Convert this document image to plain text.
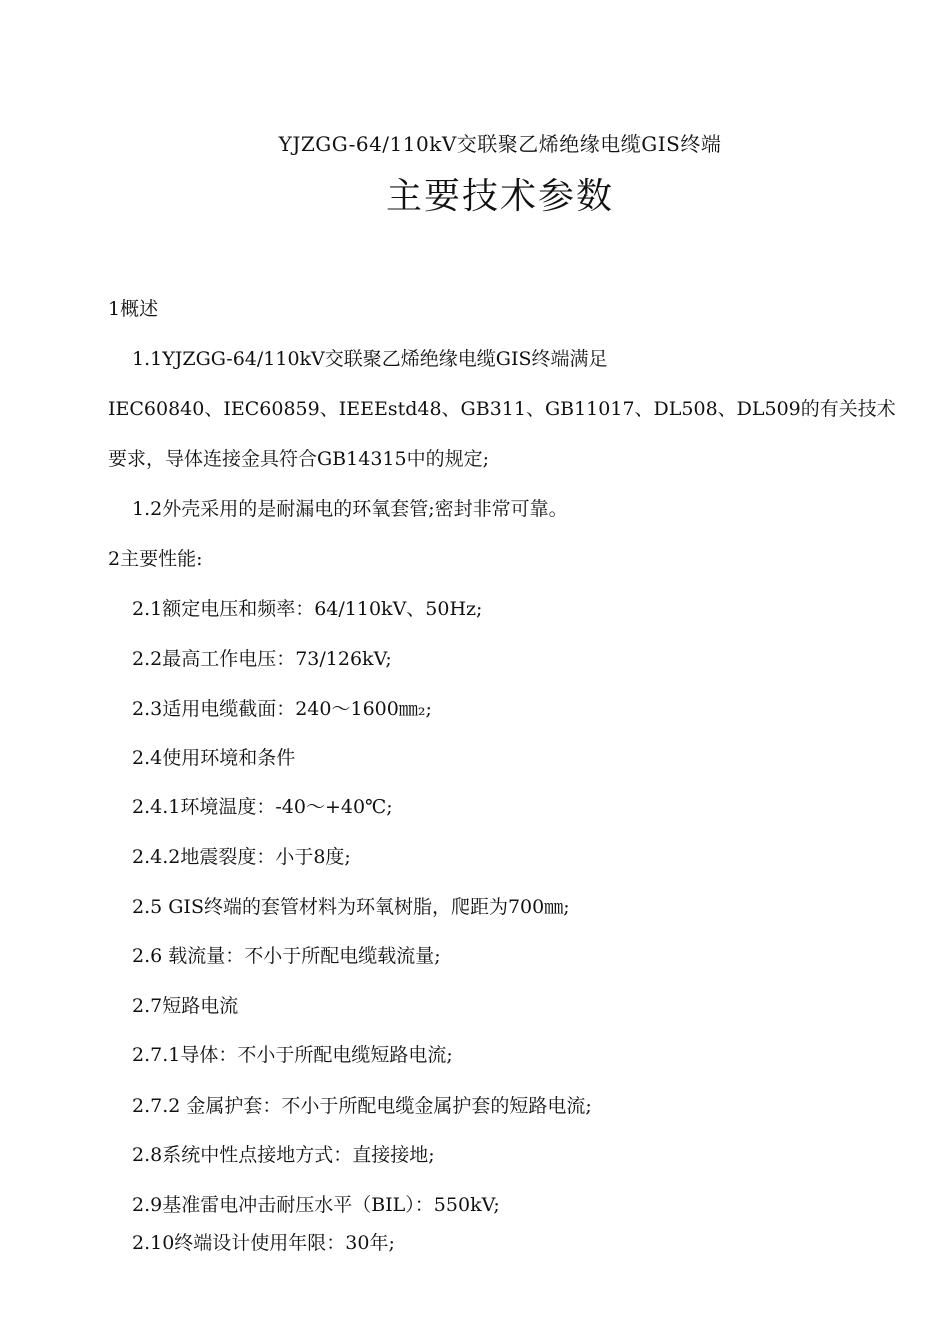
YJZGG-64/110kV交联聚乙烯绝缘电缆GIS终端
主要技术参数
1概述
1.1YJZGG-64/110kV交联聚乙烯绝缘电缆GIS终端满足
IEC60840、IEC60859、IEEEstd48、GB311、GB11017、DL508、DL509的有关技术
要求，导体连接金具符合GB14315中的规定;
1.2外壳采用的是耐漏电的环氧套管;密封非常可靠。
2主要性能:
2.1额定电压和频率：64/110kV、50Hz;
2.2最高工作电压：73/126kV;
2.3适用电缆截面：240〜1600㎜₂;
2.4使用环境和条件
2.4.1环境温度：-40〜+40℃;
2.4.2地震裂度：小于8度;
2.5 GIS终端的套管材料为环氧树脂，爬距为700㎜;
2.6 载流量：不小于所配电缆载流量;
2.7短路电流
2.7.1导体：不小于所配电缆短路电流;
2.7.2 金属护套：不小于所配电缆金属护套的短路电流;
2.8系统中性点接地方式：直接接地;
2.9基准雷电冲击耐压水平（BIL）：550kV;
2.10终端设计使用年限：30年;
